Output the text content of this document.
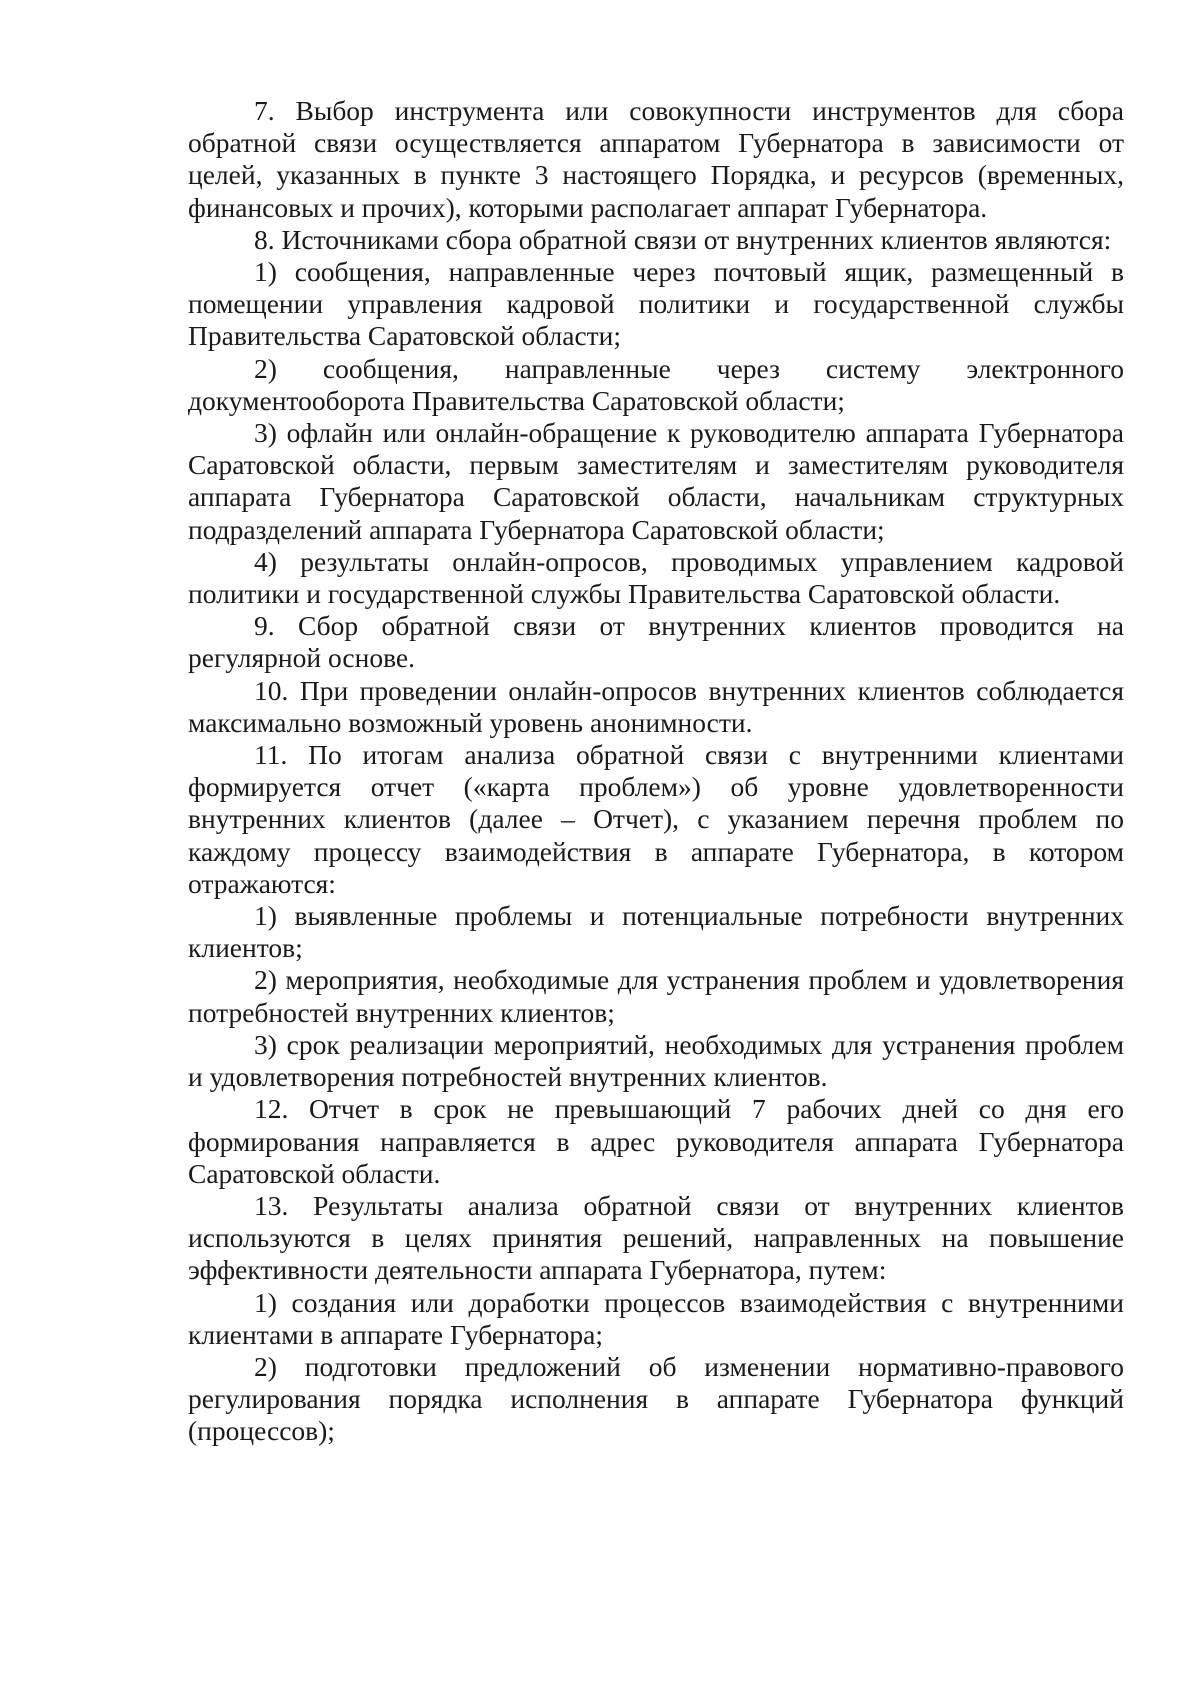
7. Выбор инструмента или совокупности инструментов для сбора обратной связи осуществляется аппаратом Губернатора в зависимости от целей, указанных в пункте 3 настоящего Порядка, и ресурсов (временных, финансовых и прочих), которыми располагает аппарат Губернатора.

8. Источниками сбора обратной связи от внутренних клиентов являются:

1) сообщения, направленные через почтовый ящик, размещенный в помещении управления кадровой политики и государственной службы Правительства Саратовской области;

2) сообщения, направленные через систему электронного документооборота Правительства Саратовской области;

3) офлайн или онлайн-обращение к руководителю аппарата Губернатора Саратовской области, первым заместителям и заместителям руководителя аппарата Губернатора Саратовской области, начальникам структурных подразделений аппарата Губернатора Саратовской области;

4) результаты онлайн-опросов, проводимых управлением кадровой политики и государственной службы Правительства Саратовской области.

9. Сбор обратной связи от внутренних клиентов проводится на регулярной основе.

10. При проведении онлайн-опросов внутренних клиентов соблюдается максимально возможный уровень анонимности.

11. По итогам анализа обратной связи с внутренними клиентами формируется отчет («карта проблем») об уровне удовлетворенности внутренних клиентов (далее – Отчет), с указанием перечня проблем по каждому процессу взаимодействия в аппарате Губернатора, в котором отражаются:

1) выявленные проблемы и потенциальные потребности внутренних клиентов;

2) мероприятия, необходимые для устранения проблем и удовлетворения потребностей внутренних клиентов;

3) срок реализации мероприятий, необходимых для устранения проблем и удовлетворения потребностей внутренних клиентов.

12. Отчет в срок не превышающий 7 рабочих дней со дня его формирования направляется в адрес руководителя аппарата Губернатора Саратовской области.

13. Результаты анализа обратной связи от внутренних клиентов используются в целях принятия решений, направленных на повышение эффективности деятельности аппарата Губернатора, путем:

1) создания или доработки процессов взаимодействия с внутренними клиентами в аппарате Губернатора;

2) подготовки предложений об изменении нормативно-правового регулирования порядка исполнения в аппарате Губернатора функций (процессов);
